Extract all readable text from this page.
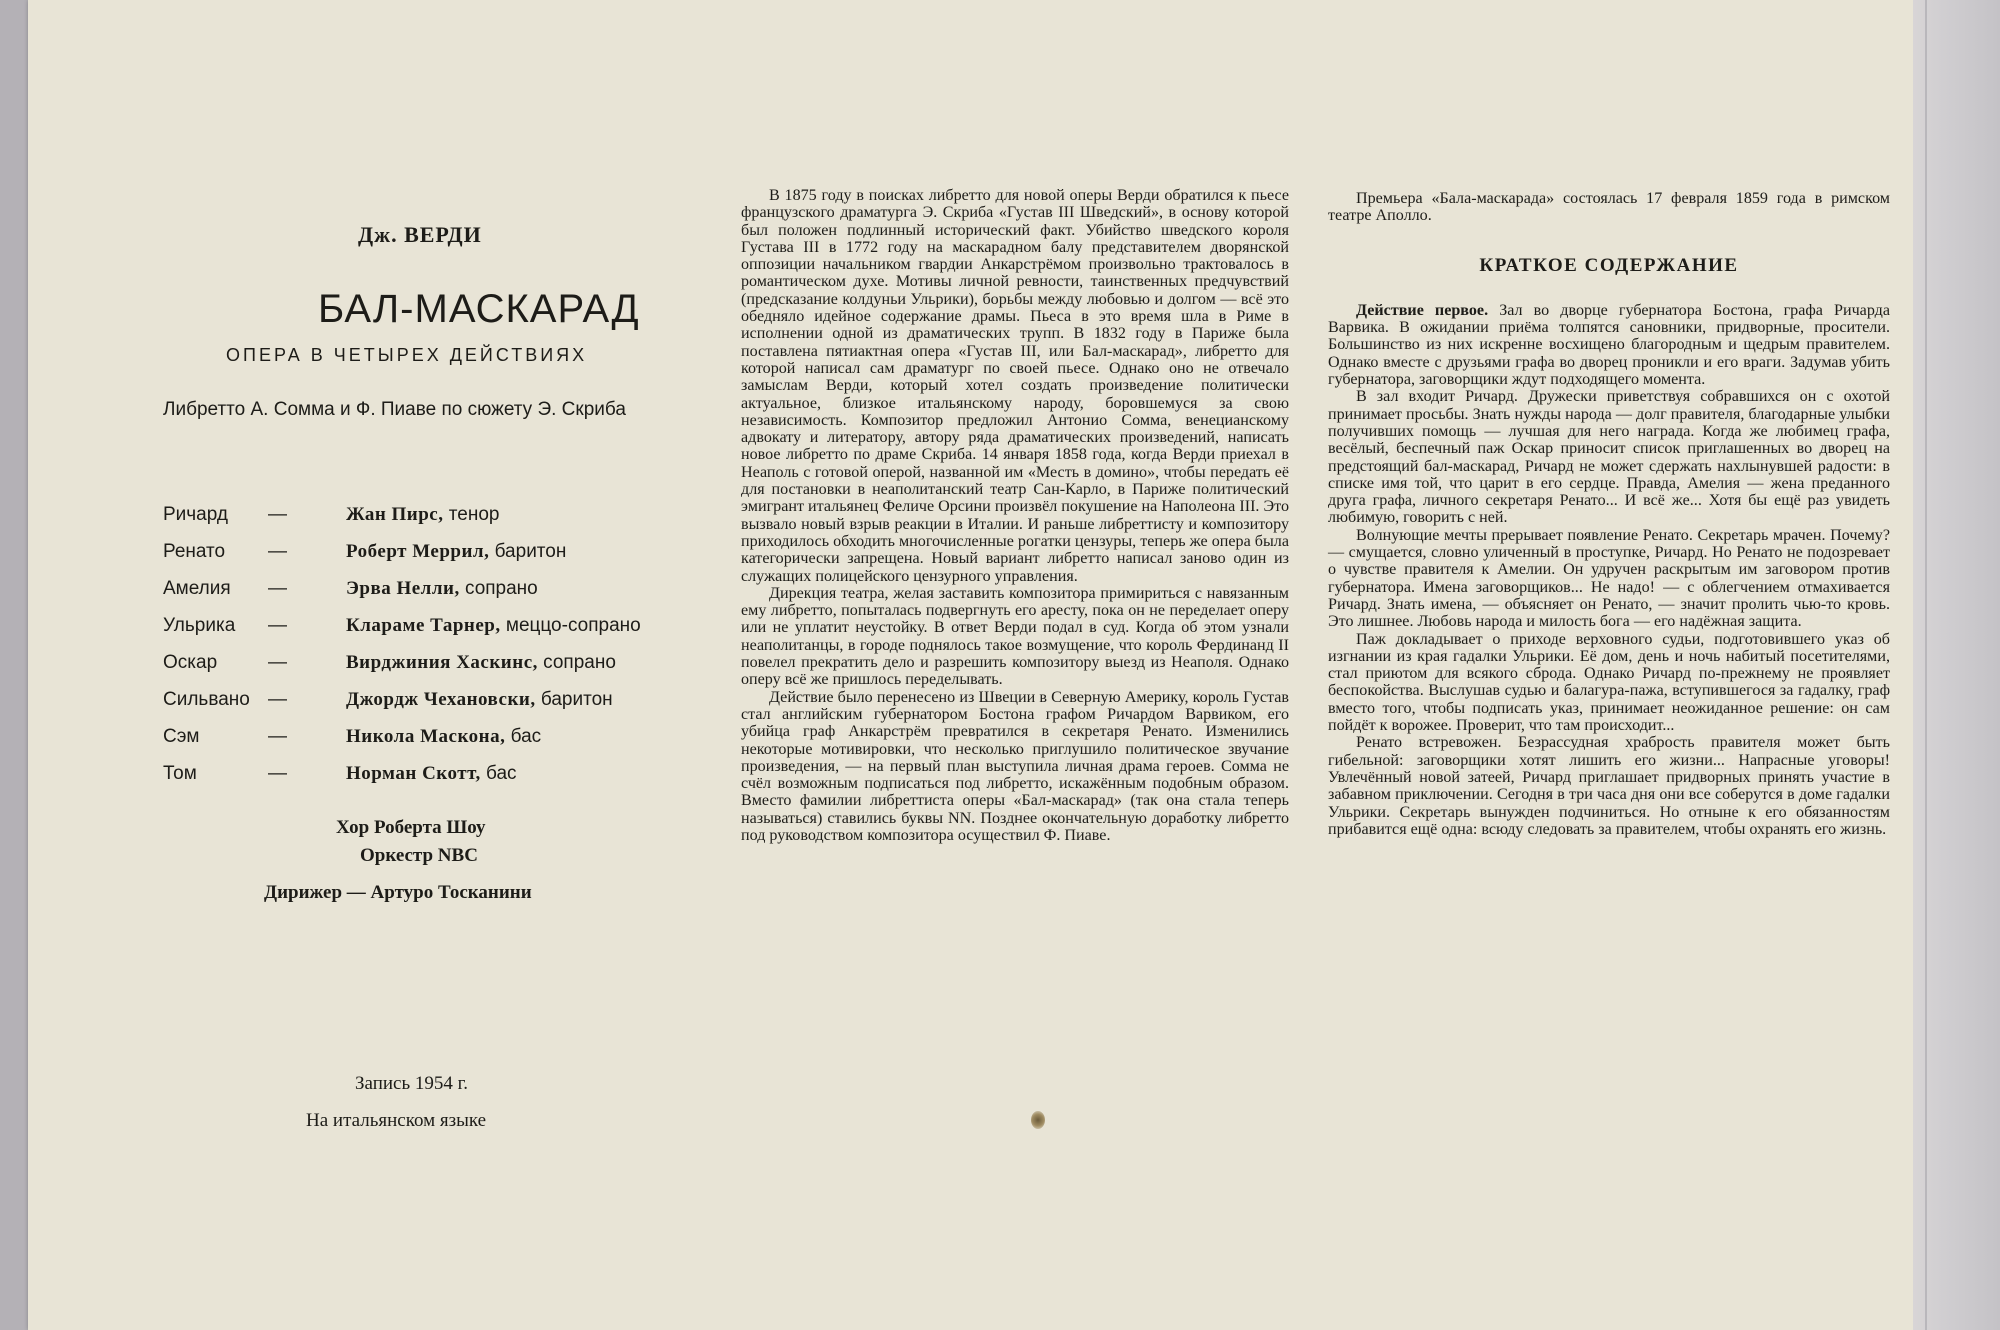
Дж. ВЕРДИ
БАЛ-МАСКАРАД
ОПЕРА В ЧЕТЫРЕХ ДЕЙСТВИЯХ
Либретто А. Сомма и Ф. Пиаве по сюжету Э. Скриба
Ричард —	Жан Пирс, тенор
Ренато —	Роберт Меррил, баритон
Амелия —	Эрва Нелли, сопрано
Ульрика —	Кларамe Тарнер, меццо-сопрано
Оскар	—	Вирджиния Хаскинс, сопрано
Сильвано —	Джордж Чехановски, баритон
Сэм	—	Никола Маскона, бас
Том	—	Норман Скотт, бас
Хор Роберта Шоу
Оркестр NBC
Дирижер — Артуро Тосканини
Запись 1954 г.
На итальянском языке

В 1875 году в поисках либретто для новой оперы Верди обратился к пьесе французского драматурга Э. Скриба «Густав III Шведский», в основу которой был положен подлинный исторический факт. Убийство шведского короля Густава III в 1772 году на маскарадном балу представителем дворянской оппозиции начальником гвардии Анкарстрёмом произвольно трактовалось в романтическом духе. Мотивы личной ревности, таинственных предчувствий (предсказание колдуньи Ульрики), борьбы между любовью и долгом — всё это обедняло идейное содержание драмы. Пьеса в это время шла в Риме в исполнении одной из драматических трупп. В 1832 году в Париже была поставлена пятиактная опера «Густав III, или Бал-маскарад», либретто для которой написал сам драматург по своей пьесе. Однако оно не отвечало замыслам Верди, который хотел создать произведение политически актуальное, близкое итальянскому народу, боровшемуся за свою независимость. Композитор предложил Антонио Сомма, венецианскому адвокату и литератору, автору ряда драматических произведений, написать новое либретто по драме Скриба. 14 января 1858 года, когда Верди приехал в Неаполь с готовой оперой, названной им «Месть в домино», чтобы передать её для постановки в неаполитанский театр Сан-Карло, в Париже политический эмигрант итальянец Феличе Орсини произвёл покушение на Наполеона III. Это вызвало новый взрыв реакции в Италии. И раньше либреттисту и композитору приходилось обходить многочисленные рогатки цензуры, теперь же опера была категорически запрещена. Новый вариант либретто написал заново один из служащих полицейского цензурного управления.

Дирекция театра, желая заставить композитора примириться с навязанным ему либретто, попыталась подвергнуть его аресту, пока он не переделает оперу или не уплатит неустойку. В ответ Верди подал в суд. Когда об этом узнали неаполитанцы, в городе поднялось такое возмущение, что король Фердинанд II повелел прекратить дело и разрешить композитору выезд из Неаполя. Однако оперу всё же пришлось переделывать.

Действие было перенесено из Швеции в Северную Америку, король Густав стал английским губернатором Бостона графом Ричардом Варвиком, его убийца граф Анкарстрём превратился в секретаря Ренато. Изменились некоторые мотивировки, что несколько приглушило политическое звучание произведения, — на первый план выступила личная драма героев. Сомма не счёл возможным подписаться под либретто, искажённым подобным образом. Вместо фамилии либреттиста оперы «Бал-маскарад» (так она стала теперь называться) ставились буквы NN. Позднее окончательную доработку либретто под руководством композитора осуществил Ф. Пиаве.

Премьера «Бала-маскарада» состоялась 17 февраля 1859 года в римском театре Аполло.

КРАТКОЕ СОДЕРЖАНИЕ

Действие первое. Зал во дворце губернатора Бостона, графа Ричарда Варвика. В ожидании приёма толпятся сановники, придворные, просители. Большинство из них искренне восхищено благородным и щедрым правителем. Однако вместе с друзьями графа во дворец проникли и его враги. Задумав убить губернатора, заговорщики ждут подходящего момента.

В зал входит Ричард. Дружески приветствуя собравшихся он с охотой принимает просьбы. Знать нужды народа — долг правителя, благодарные улыбки получивших помощь — лучшая для него награда. Когда же любимец графа, весёлый, беспечный паж Оскар приносит список приглашенных во дворец на предстоящий бал-маскарад, Ричард не может сдержать нахлынувшей радости: в списке имя той, что царит в его сердце. Правда, Амелия — жена преданного друга графа, личного секретаря Ренато... И всё же... Хотя бы ещё раз увидеть любимую, говорить с ней.

Волнующие мечты прерывает появление Ренато. Секретарь мрачен. Почему? — смущается, словно уличенный в проступке, Ричард. Но Ренато не подозревает о чувстве правителя к Амелии. Он удручен раскрытым им заговором против губернатора. Имена заговорщиков... Не надо! — с облегчением отмахивается Ричард. Знать имена, — объясняет он Ренато, — значит пролить чью-то кровь. Это лишнее. Любовь народа и милость бога — его надёжная защита.

Паж докладывает о приходе верховного судьи, подготовившего указ об изгнании из края гадалки Ульрики. Её дом, день и ночь набитый посетителями, стал приютом для всякого сброда. Однако Ричард по-прежнему не проявляет беспокойства. Выслушав судью и балагура-пажа, вступившегося за гадалку, граф вместо того, чтобы подписать указ, принимает неожиданное решение: он сам пойдёт к ворожее. Проверит, что там происходит...

Ренато встревожен. Безрассудная храбрость правителя может быть гибельной: заговорщики хотят лишить его жизни... Напрасные уговоры! Увлечённый новой затеей, Ричард приглашает придворных принять участие в забавном приключении. Сегодня в три часа дня они все соберутся в доме гадалки Ульрики. Секретарь вынужден подчиниться. Но отныне к его обязанностям прибавится ещё одна: всюду следовать за правителем, чтобы охранять его жизнь.
